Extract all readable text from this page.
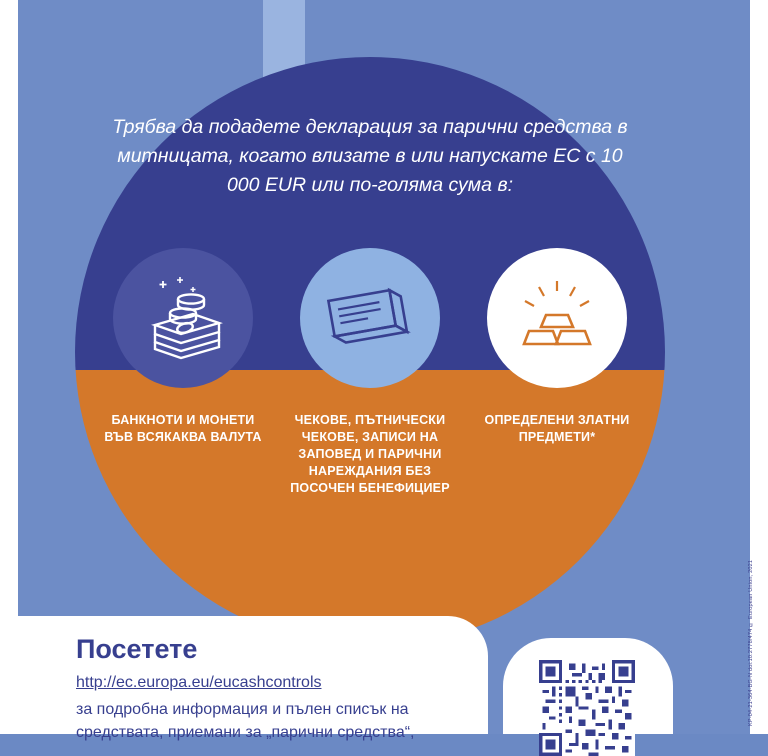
Трябва да подадете декларация за парични средства в митницата, когато влизате в или напускате ЕС с 10 000 EUR или по-голяма сума в:
БАНКНОТИ И МОНЕТИ ВЪВ ВСЯКАКВА ВАЛУТА
ЧЕКОВЕ, ПЪТНИЧЕСКИ ЧЕКОВЕ, ЗАПИСИ НА ЗАПОВЕД И ПАРИЧНИ НАРЕЖДАНИЯ БЕЗ ПОСОЧЕН БЕНЕФИЦИЕР
ОПРЕДЕЛЕНИ ЗЛАТНИ ПРЕДМЕТИ*
Посетете
http://ec.europa.eu/eucashcontrols
за подробна информация и пълен списък на средствата, приемани за „парични средства“,
KP-04-21-364-BG-N doi:10.2778/474 © European Union, 2021
